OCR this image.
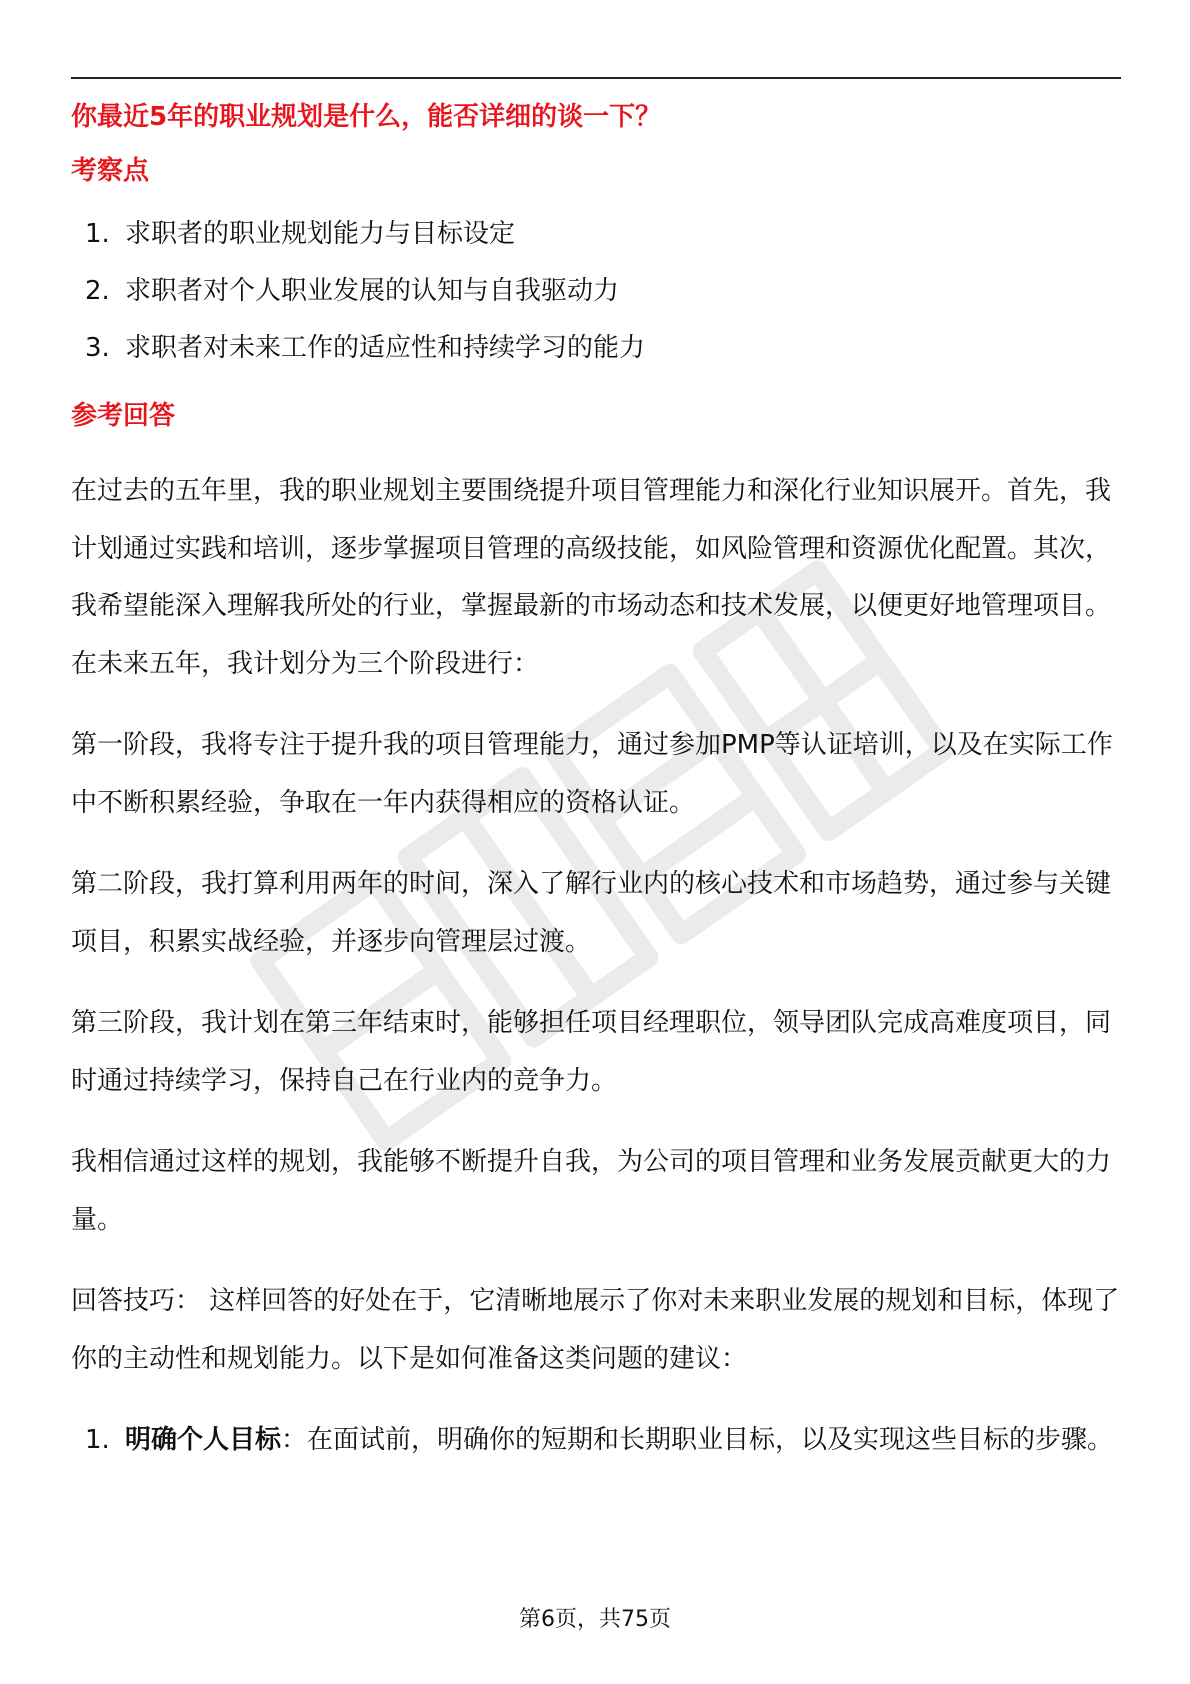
你最近5年的职业规划是什么，能否详细的谈一下？

考察点

1. 求职者的职业规划能力与目标设定
2. 求职者对个人职业发展的认知与自我驱动力
3. 求职者对未来工作的适应性和持续学习的能力

参考回答

在过去的五年里，我的职业规划主要围绕提升项目管理能力和深化行业知识展开。首先，我计划通过实践和培训，逐步掌握项目管理的高级技能，如风险管理和资源优化配置。其次，我希望能深入理解我所处的行业，掌握最新的市场动态和技术发展，以便更好地管理项目。在未来五年，我计划分为三个阶段进行：

第一阶段，我将专注于提升我的项目管理能力，通过参加PMP等认证培训，以及在实际工作中不断积累经验，争取在一年内获得相应的资格认证。

第二阶段，我打算利用两年的时间，深入了解行业内的核心技术和市场趋势，通过参与关键项目，积累实战经验，并逐步向管理层过渡。

第三阶段，我计划在第三年结束时，能够担任项目经理职位，领导团队完成高难度项目，同时通过持续学习，保持自己在行业内的竞争力。

我相信通过这样的规划，我能够不断提升自我，为公司的项目管理和业务发展贡献更大的力量。

回答技巧： 这样回答的好处在于，它清晰地展示了你对未来职业发展的规划和目标，体现了你的主动性和规划能力。以下是如何准备这类问题的建议：

1. 明确个人目标：在面试前，明确你的短期和长期职业目标，以及实现这些目标的步骤。
第6页，共75页
